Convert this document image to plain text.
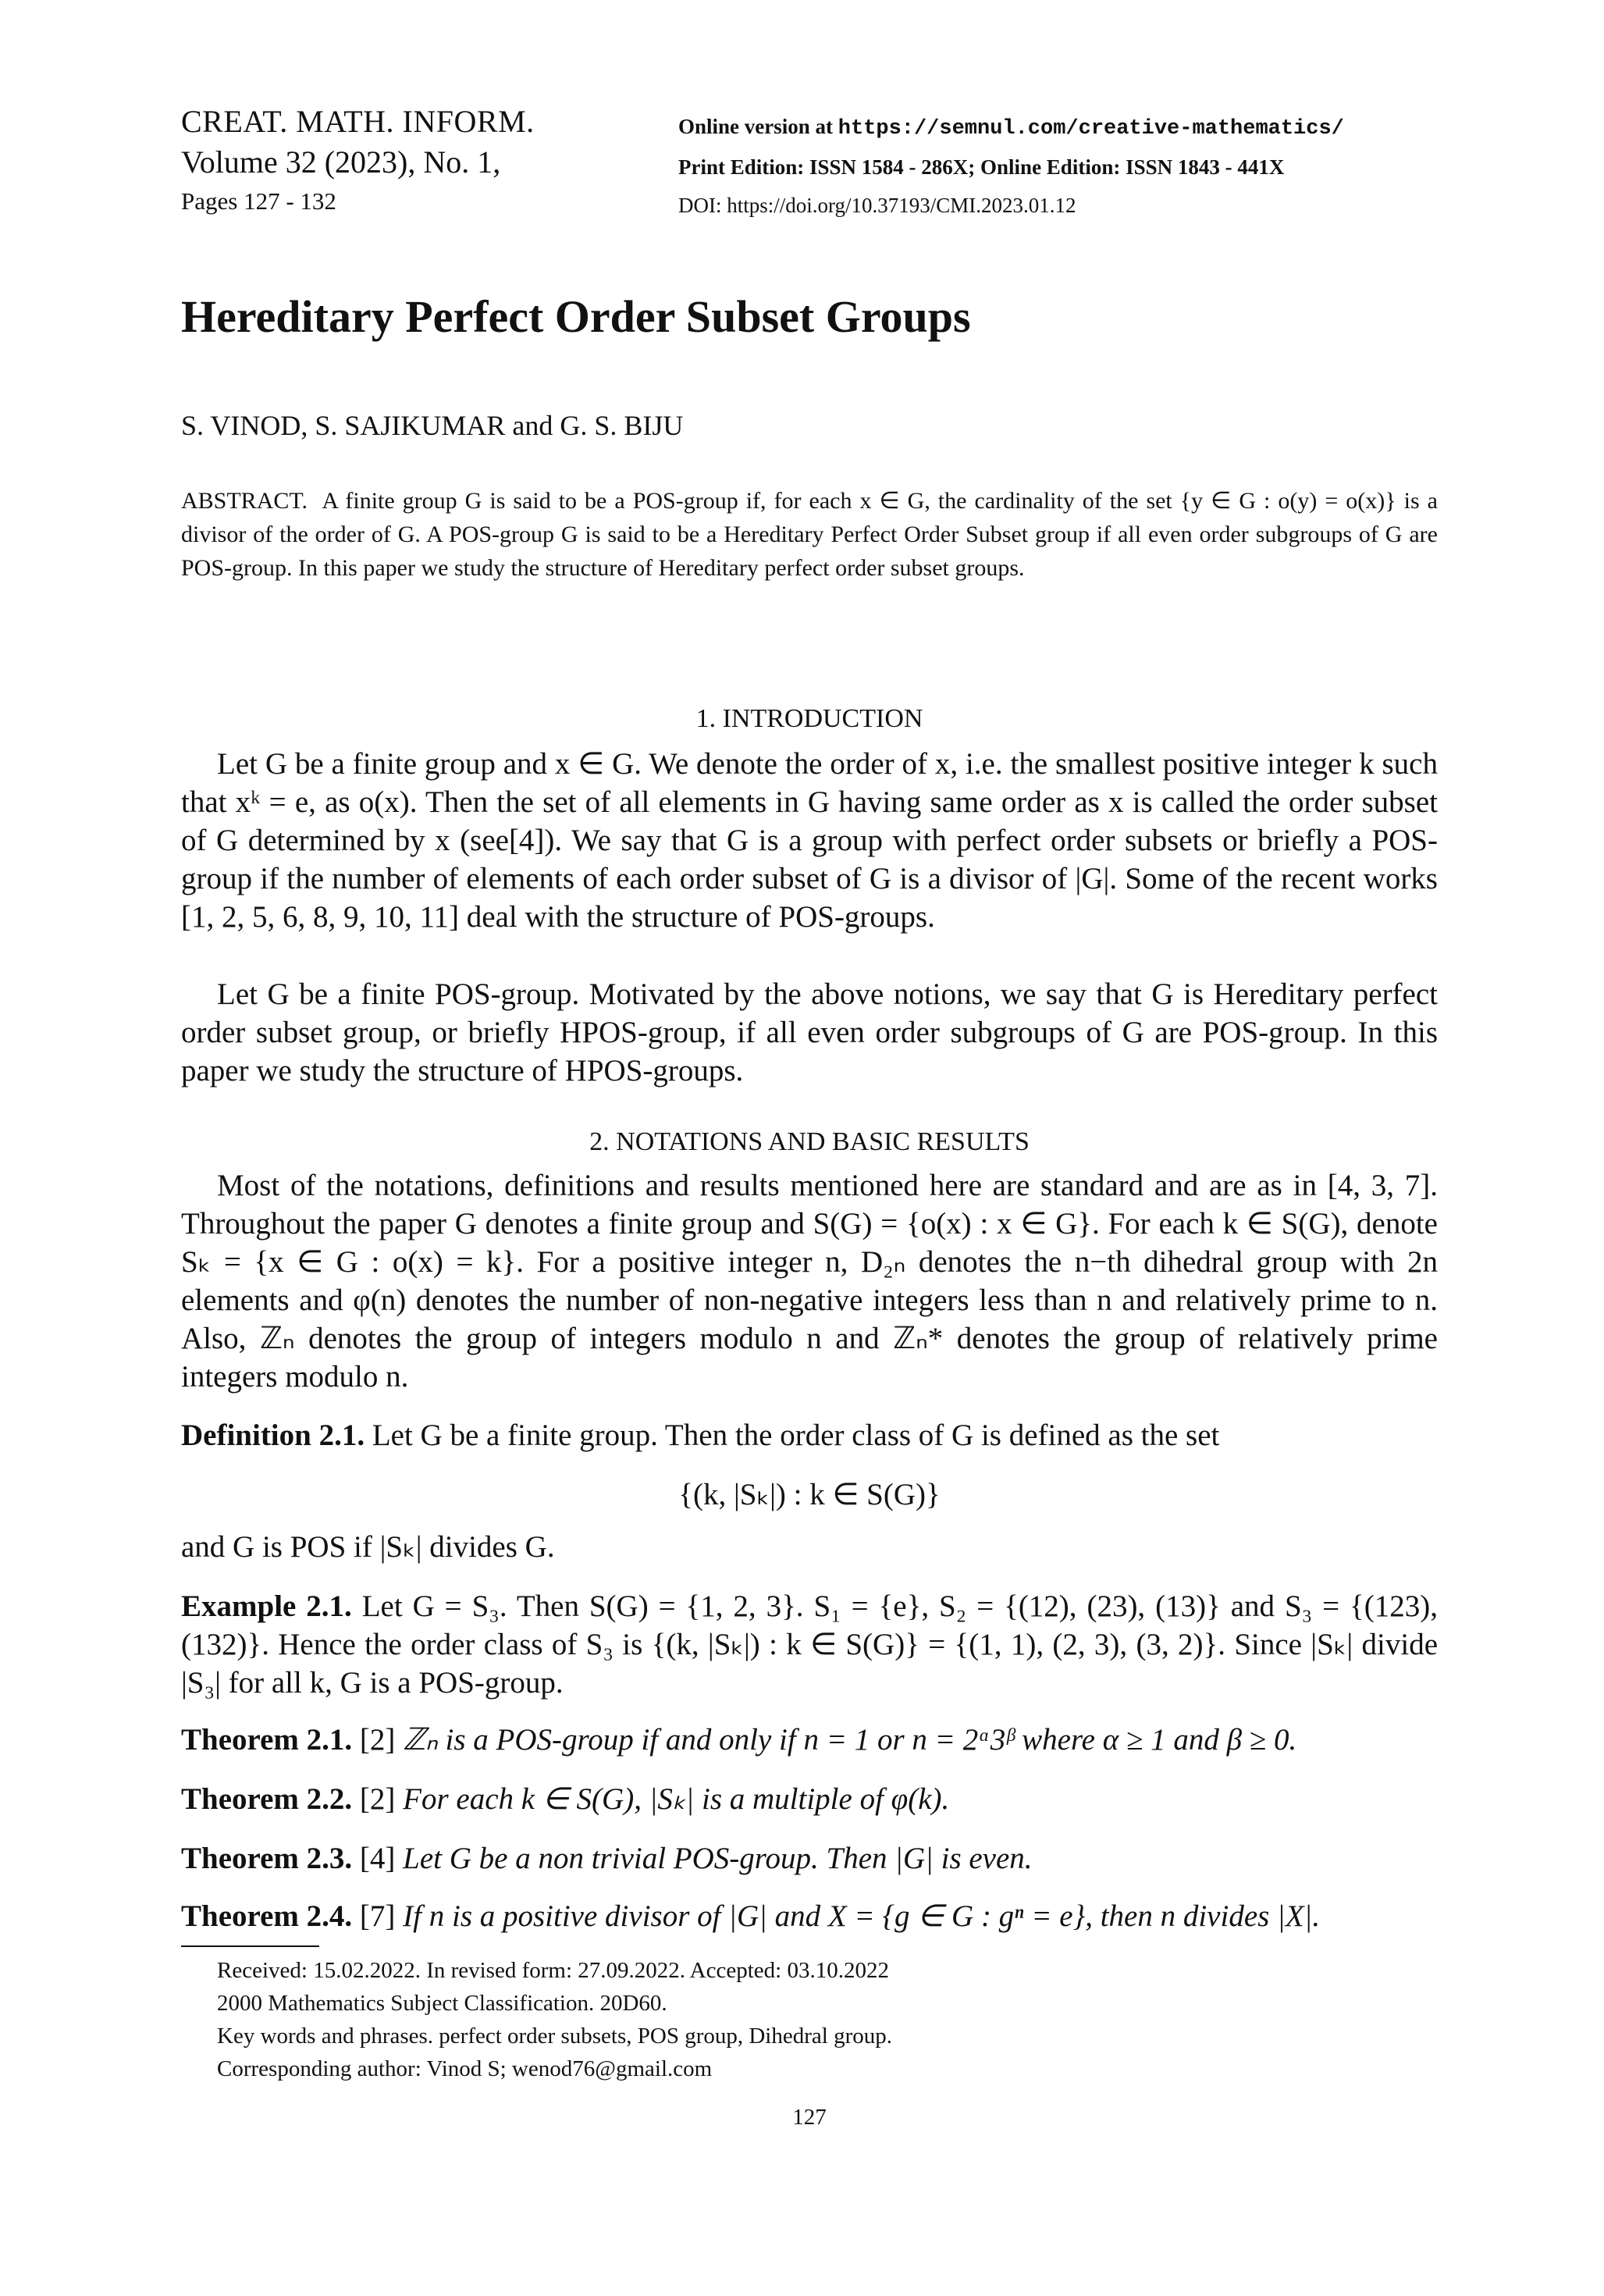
CREAT. MATH. INFORM.
Volume 32 (2023), No. 1,
Pages 127 - 132
Online version at https://semnul.com/creative-mathematics/
Print Edition: ISSN 1584 - 286X; Online Edition: ISSN 1843 - 441X
DOI: https://doi.org/10.37193/CMI.2023.01.12
Hereditary Perfect Order Subset Groups
S. VINOD, S. SAJIKUMAR and G. S. BIJU
ABSTRACT. A finite group G is said to be a POS-group if, for each x ∈ G, the cardinality of the set {y ∈ G : o(y) = o(x)} is a divisor of the order of G. A POS-group G is said to be a Hereditary Perfect Order Subset group if all even order subgroups of G are POS-group. In this paper we study the structure of Hereditary perfect order subset groups.
1. INTRODUCTION
Let G be a finite group and x ∈ G. We denote the order of x, i.e. the smallest positive integer k such that xᵏ = e, as o(x). Then the set of all elements in G having same order as x is called the order subset of G determined by x (see[4]). We say that G is a group with perfect order subsets or briefly a POS-group if the number of elements of each order subset of G is a divisor of |G|. Some of the recent works [1, 2, 5, 6, 8, 9, 10, 11] deal with the structure of POS-groups.
Let G be a finite POS-group. Motivated by the above notions, we say that G is Hereditary perfect order subset group, or briefly HPOS-group, if all even order subgroups of G are POS-group. In this paper we study the structure of HPOS-groups.
2. NOTATIONS AND BASIC RESULTS
Most of the notations, definitions and results mentioned here are standard and are as in [4, 3, 7]. Throughout the paper G denotes a finite group and S(G) = {o(x) : x ∈ G}. For each k ∈ S(G), denote Sₖ = {x ∈ G : o(x) = k}. For a positive integer n, D₂ₙ denotes the n−th dihedral group with 2n elements and φ(n) denotes the number of non-negative integers less than n and relatively prime to n. Also, ℤₙ denotes the group of integers modulo n and ℤₙ* denotes the group of relatively prime integers modulo n.
Definition 2.1. Let G be a finite group. Then the order class of G is defined as the set
{(k, |Sₖ|) : k ∈ S(G)}
and G is POS if |Sₖ| divides G.
Example 2.1. Let G = S₃. Then S(G) = {1, 2, 3}. S₁ = {e}, S₂ = {(12), (23), (13)} and S₃ = {(123), (132)}. Hence the order class of S₃ is {(k, |Sₖ|) : k ∈ S(G)} = {(1, 1), (2, 3), (3, 2)}. Since |Sₖ| divide |S₃| for all k, G is a POS-group.
Theorem 2.1. [2] ℤₙ is a POS-group if and only if n = 1 or n = 2ᵅ3ᵝ where α ≥ 1 and β ≥ 0.
Theorem 2.2. [2] For each k ∈ S(G), |Sₖ| is a multiple of φ(k).
Theorem 2.3. [4] Let G be a non trivial POS-group. Then |G| is even.
Theorem 2.4. [7] If n is a positive divisor of |G| and X = {g ∈ G : gⁿ = e}, then n divides |X|.
Received: 15.02.2022. In revised form: 27.09.2022. Accepted: 03.10.2022
2000 Mathematics Subject Classification. 20D60.
Key words and phrases. perfect order subsets, POS group, Dihedral group.
Corresponding author: Vinod S; wenod76@gmail.com
127
